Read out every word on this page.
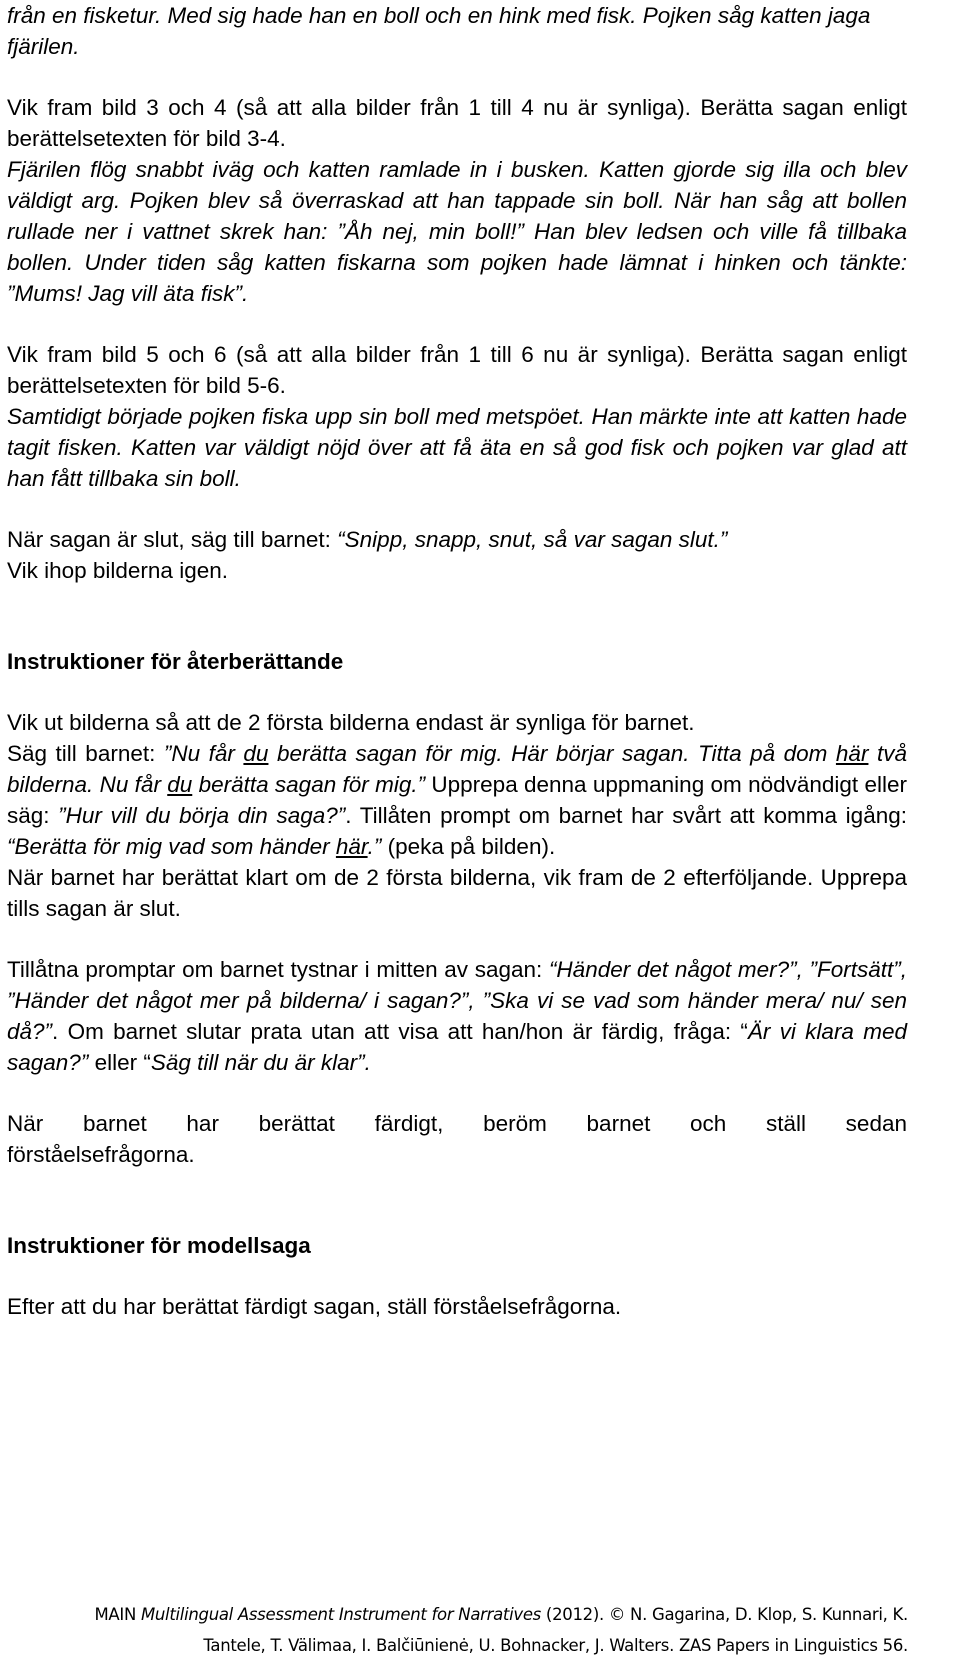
från en fisketur. Med sig hade han en boll och en hink med fisk. Pojken såg katten jaga fjärilen.

Vik fram bild 3 och 4 (så att alla bilder från 1 till 4 nu är synliga). Berätta sagan enligt berättelsetexten för bild 3-4.
Fjärilen flög snabbt iväg och katten ramlade in i busken. Katten gjorde sig illa och blev väldigt arg. Pojken blev så överraskad att han tappade sin boll. När han såg att bollen rullade ner i vattnet skrek han: ”Åh nej, min boll!” Han blev ledsen och ville få tillbaka bollen. Under tiden såg katten fiskarna som pojken hade lämnat i hinken och tänkte: ”Mums! Jag vill äta fisk”.

Vik fram bild 5 och 6 (så att alla bilder från 1 till 6 nu är synliga). Berätta sagan enligt berättelsetexten för bild 5-6.
Samtidigt började pojken fiska upp sin boll med metspöet. Han märkte inte att katten hade tagit fisken. Katten var väldigt nöjd över att få äta en så god fisk och pojken var glad att han fått tillbaka sin boll.

När sagan är slut, säg till barnet: “Snipp, snapp, snut, så var sagan slut.”
Vik ihop bilderna igen.

Instruktioner för återberättande

Vik ut bilderna så att de 2 första bilderna endast är synliga för barnet.
Säg till barnet: ”Nu får du berätta sagan för mig. Här börjar sagan. Titta på dom här två bilderna. Nu får du berätta sagan för mig.” Upprepa denna uppmaning om nödvändigt eller säg: ”Hur vill du börja din saga?”. Tillåten prompt om barnet har svårt att komma igång: “Berätta för mig vad som händer här.” (peka på bilden).
När barnet har berättat klart om de 2 första bilderna, vik fram de 2 efterföljande. Upprepa tills sagan är slut.

Tillåtna promptar om barnet tystnar i mitten av sagan: “Händer det något mer?”, ”Fortsätt”, ”Händer det något mer på bilderna/ i sagan?”, ”Ska vi se vad som händer mera/ nu/ sen då?”. Om barnet slutar prata utan att visa att han/hon är färdig, fråga: “Är vi klara med sagan?” eller “Säg till när du är klar”.

När barnet har berättat färdigt, beröm barnet och ställ sedan förståelsefrågorna.

Instruktioner för modellsaga

Efter att du har berättat färdigt sagan, ställ förståelsefrågorna.

MAIN Multilingual Assessment Instrument for Narratives (2012). © N. Gagarina, D. Klop, S. Kunnari, K.
Tantele, T. Välimaa, I. Balčiūnienė, U. Bohnacker, J. Walters. ZAS Papers in Linguistics 56.
